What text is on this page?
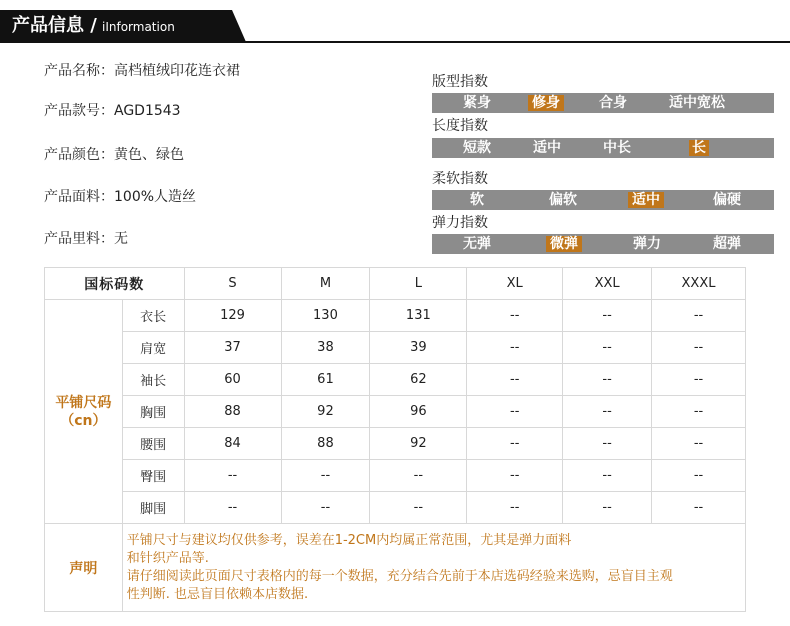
产品信息 / iInformation
产品名称：高档植绒印花连衣裙
产品款号：AGD1543
产品颜色：黄色、绿色
产品面料：100%人造丝
产品里料：无
版型指数
紧身	修身	合身	适中宽松
长度指数
短款	适中	中长	长
柔软指数
软	偏软	适中	偏硬
弹力指数
无弹	微弹	弹力	超弹
国标码数		S	M	L	XL	XXL	XXXL

平铺尺码
（cn）	衣长	129	130	131	--	--	--
	肩宽	37	38	39	--	--	--
	袖长	60	61	62	--	--	--
	胸围	88	92	96	--	--	--
	腰围	84	88	92	--	--	--
	臀围	--	--	--	--	--	--
	脚围	--	--	--	--	--	--
声明	平铺尺寸与建议均仅供参考，误差在1-2CM内均属正常范围，尤其是弹力面料
和针织产品等.
请仔细阅读此页面尺寸表格内的每一个数据，充分结合先前于本店选码经验来选购，忌盲目主观
性判断. 也忌盲目依赖本店数据.						
